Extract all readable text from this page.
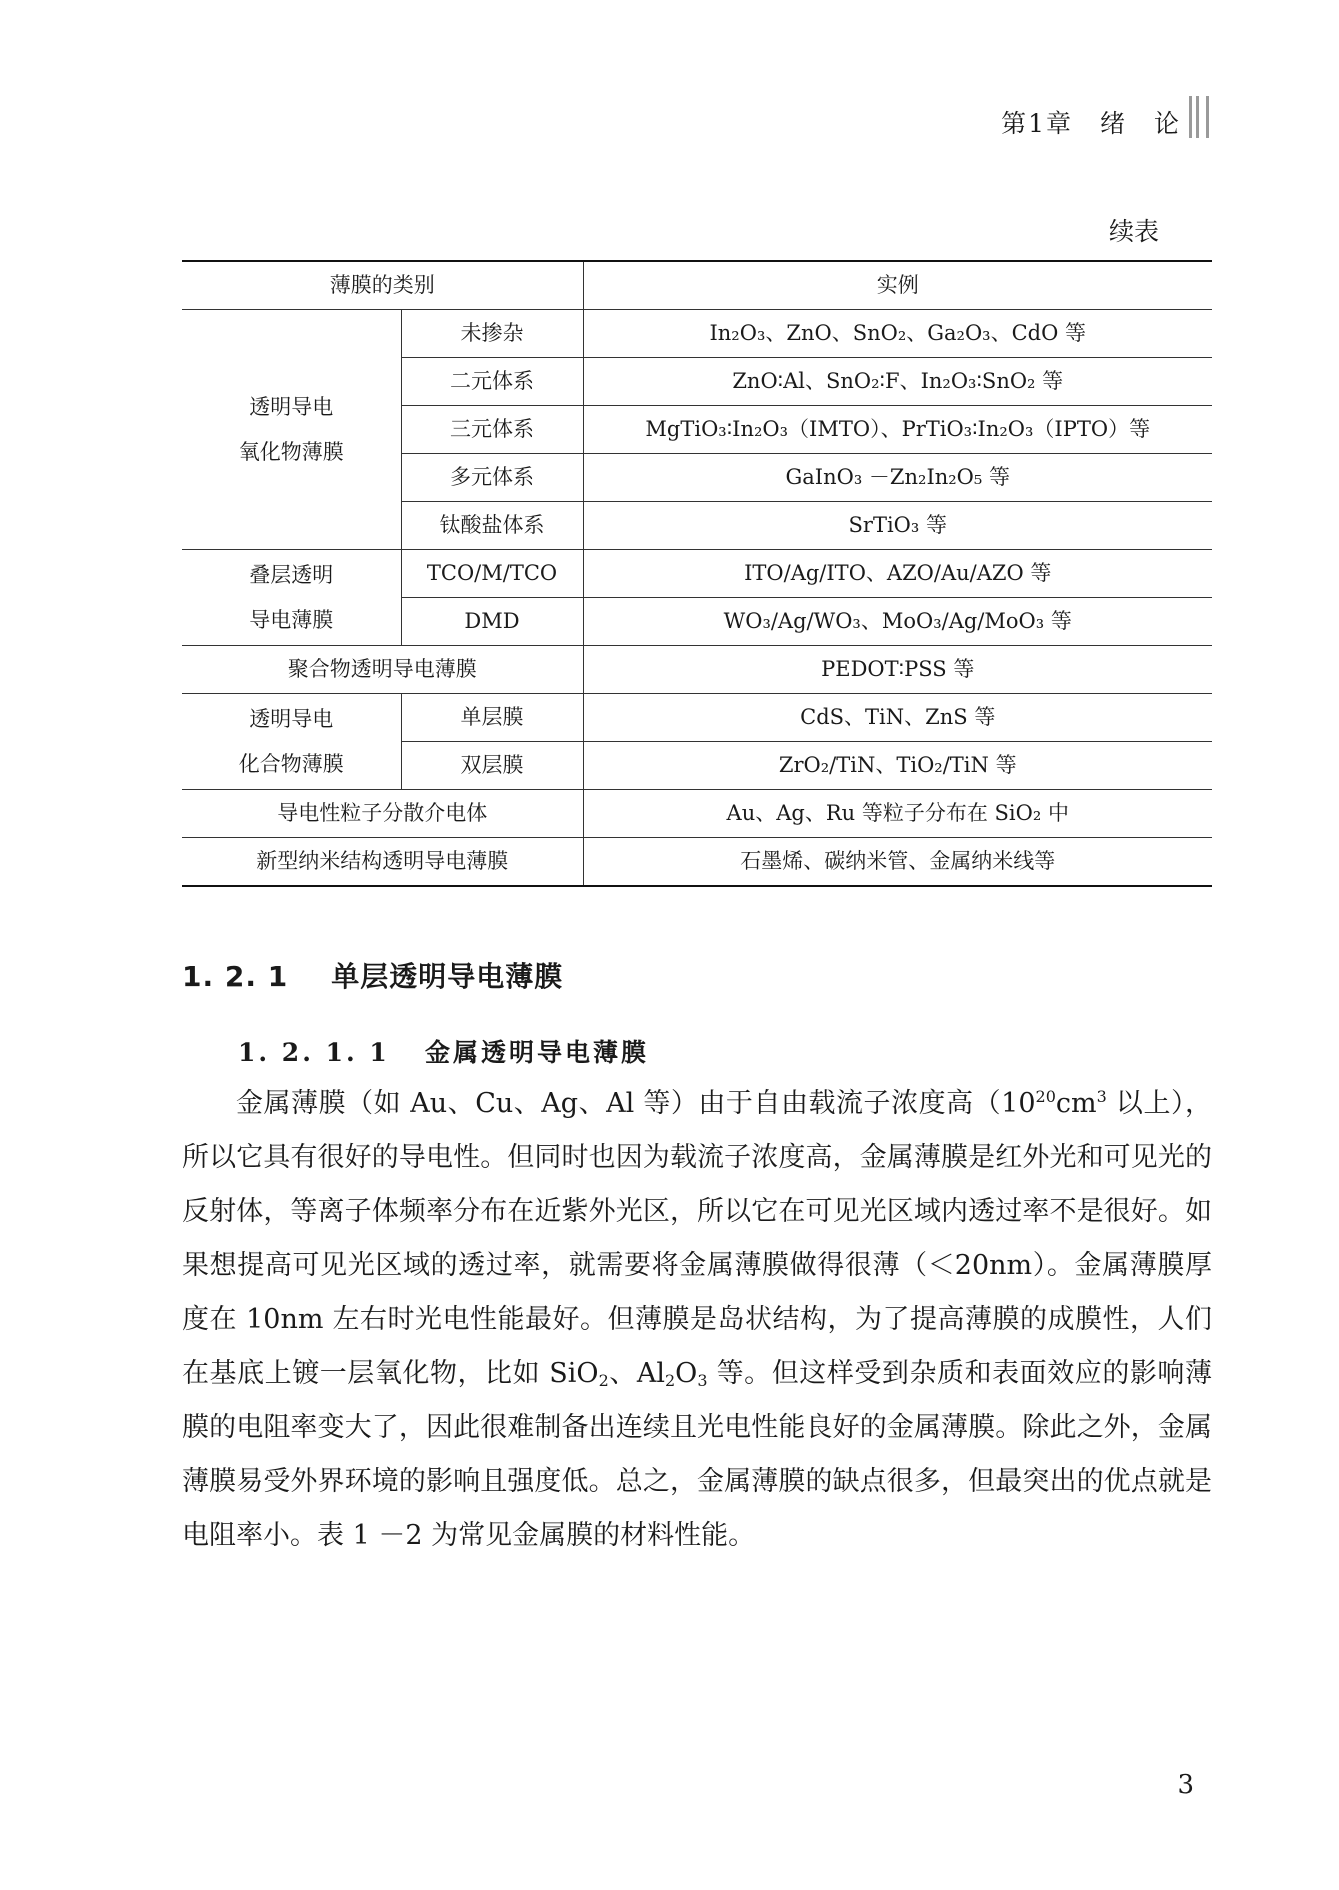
第1章　绪　论
续表
薄膜的类别		实例
透明导电
氧化物薄膜	未掺杂	In₂O₃、ZnO、SnO₂、Ga₂O₃、CdO 等
	二元体系	ZnO∶Al、SnO₂∶F、In₂O₃∶SnO₂ 等
	三元体系	MgTiO₃∶In₂O₃（IMTO）、PrTiO₃∶In₂O₃（IPTO）等
	多元体系	GaInO₃ －Zn₂In₂O₅ 等
	钛酸盐体系	SrTiO₃ 等
叠层透明
导电薄膜	TCO/M/TCO	ITO/Ag/ITO、AZO/Au/AZO 等
	DMD	WO₃/Ag/WO₃、MoO₃/Ag/MoO₃ 等
聚合物透明导电薄膜		PEDOT∶PSS 等
透明导电
化合物薄膜	单层膜	CdS、TiN、ZnS 等
	双层膜	ZrO₂/TiN、TiO₂/TiN 等
导电性粒子分散介电体		Au、Ag、Ru 等粒子分布在 SiO₂ 中
新型纳米结构透明导电薄膜		石墨烯、碳纳米管、金属纳米线等
1. 2. 1 单层透明导电薄膜
1. 2. 1. 1 金属透明导电薄膜

金属薄膜（如 Au、Cu、Ag、Al 等）由于自由载流子浓度高（$10^{20}cm^3$ 以上），所以它具有很好的导电性。但同时也因为载流子浓度高，金属薄膜是红外光和可见光的反射体，等离子体频率分布在近紫外光区，所以它在可见光区域内透过率不是很好。如果想提高可见光区域的透过率，就需要将金属薄膜做得很薄（＜20nm）。金属薄膜厚度在 10nm 左右时光电性能最好。但薄膜是岛状结构，为了提高薄膜的成膜性，人们在基底上镀一层氧化物，比如 SiO$_2$、$Al_2O_3$ 等。但这样受到杂质和表面效应的影响薄膜的电阻率变大了，因此很难制备出连续且光电性能良好的金属薄膜。除此之外，金属薄膜易受外界环境的影响且强度低。总之，金属薄膜的缺点很多，但最突出的优点就是电阻率小。表 1 －2 为常见金属膜的材料性能。

3
